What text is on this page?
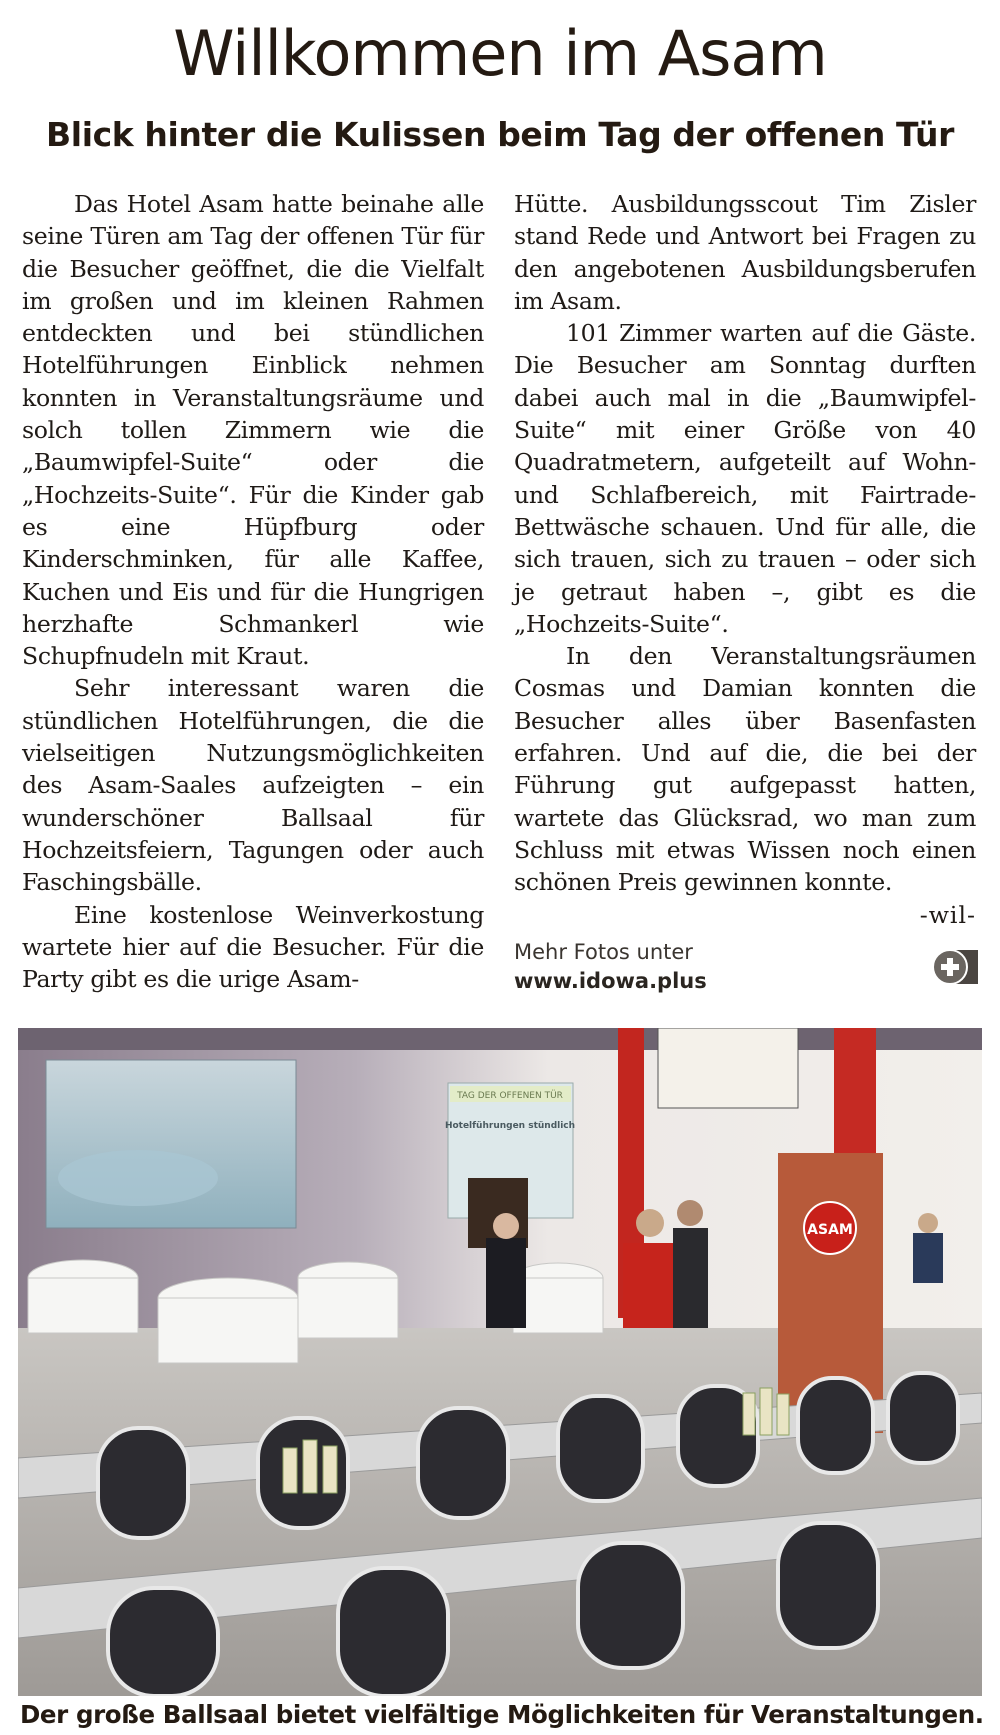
Willkommen im Asam
Blick hinter die Kulissen beim Tag der offenen Tür

Das Hotel Asam hatte beinahe alle seine Türen am Tag der offenen Tür für die Besucher geöffnet, die die Vielfalt im großen und im kleinen Rahmen entdeckten und bei stündlichen Hotelführungen Einblick nehmen konnten in Veranstaltungsräume und solch tollen Zimmern wie die „Baumwipfel-Suite“ oder die „Hochzeits-Suite“. Für die Kinder gab es eine Hüpfburg oder Kinderschminken, für alle Kaffee, Kuchen und Eis und für die Hungrigen herzhafte Schmankerl wie Schupfnudeln mit Kraut.

Sehr interessant waren die stündlichen Hotelführungen, die die vielseitigen Nutzungsmöglichkeiten des Asam-Saales aufzeigten – ein wunderschöner Ballsaal für Hochzeitsfeiern, Tagungen oder auch Faschingsbälle.

Eine kostenlose Weinverkostung wartete hier auf die Besucher. Für die Party gibt es die urige Asam-

Hütte. Ausbildungsscout Tim Zisler stand Rede und Antwort bei Fragen zu den angebotenen Ausbildungsberufen im Asam.

101 Zimmer warten auf die Gäste. Die Besucher am Sonntag durften dabei auch mal in die „Baumwipfel-Suite“ mit einer Größe von 40 Quadratmetern, aufgeteilt auf Wohn- und Schlafbereich, mit Fairtrade-Bettwäsche schauen. Und für alle, die sich trauen, sich zu trauen – oder sich je getraut haben –, gibt es die „Hochzeits-Suite“.

In den Veranstaltungsräumen Cosmas und Damian konnten die Besucher alles über Basenfasten erfahren. Und auf die, die bei der Führung gut aufgepasst hatten, wartete das Glücksrad, wo man zum Schluss mit etwas Wissen noch einen schönen Preis gewinnen konnte.
-wil-

Mehr Fotos unter
www.idowa.plus
TAG DER OFFENEN TÜR
Hotelführungen stündlich
ASAM
Der große Ballsaal bietet vielfältige Möglichkeiten für Veranstaltungen.
